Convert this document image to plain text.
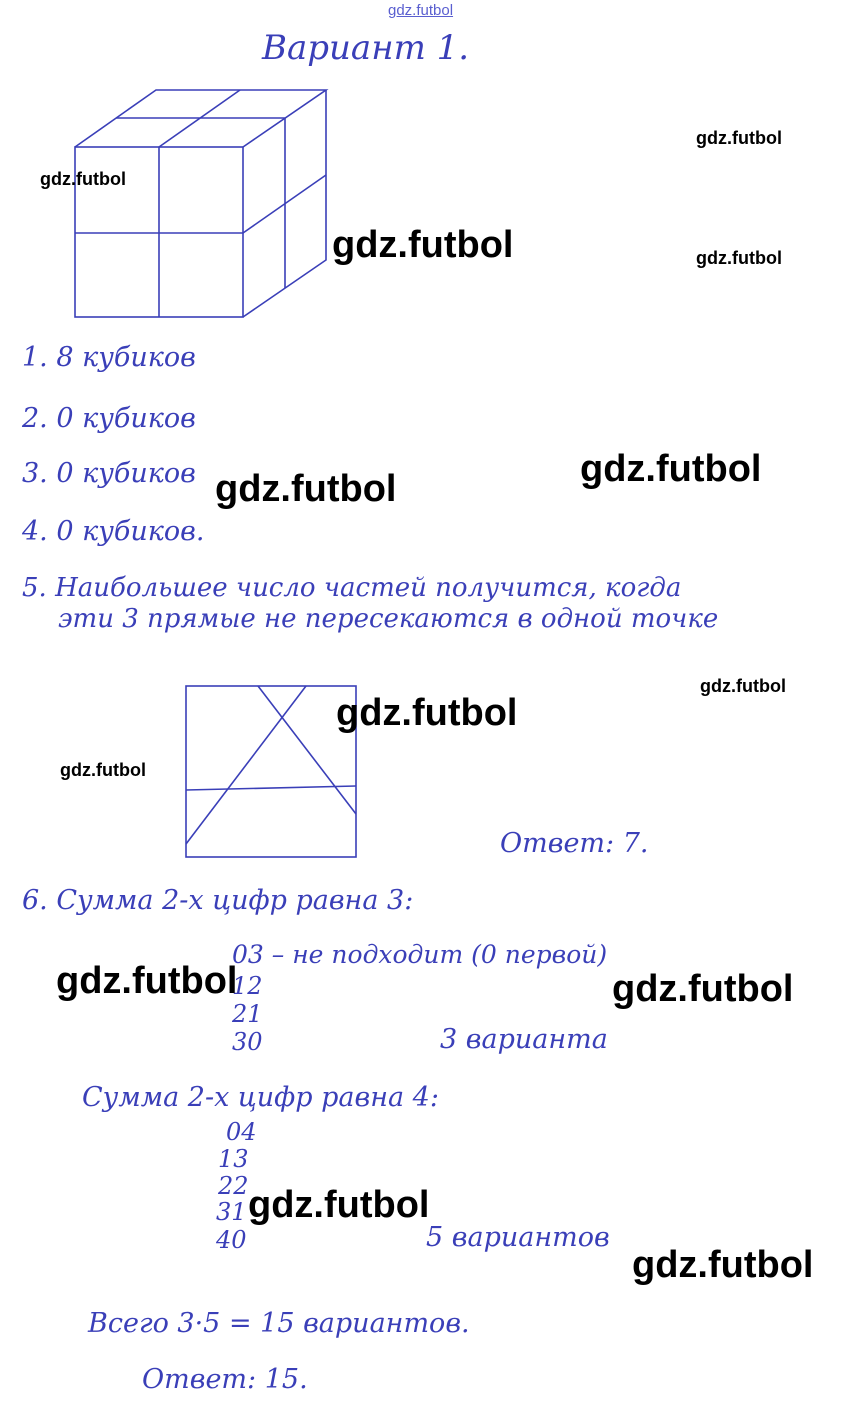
gdz.futbol
Вариант 1.
1. 8 кубиков
2. 0 кубиков
3. 0 кубиков
4. 0 кубиков.
5. Наибольшее число частей получится, когда
эти 3 прямые не пересекаются в одной точке
Ответ: 7.
6. Сумма 2-х цифр равна 3:
03 – не подходит (0 первой)
12
21
30	3 варианта
Сумма 2-х цифр равна 4:
04
13
22
31
40	5 вариантов
Всего 3·5 = 15 вариантов.
Ответ: 15.
gdz.futbol
gdz.futbol
gdz.futbol	gdz.futbol
gdz.futbol
gdz.futbol
gdz.futbol
gdz.futbol
gdz.futbol
gdz.futbol	gdz.futbol
gdz.futbol
gdz.futbol
